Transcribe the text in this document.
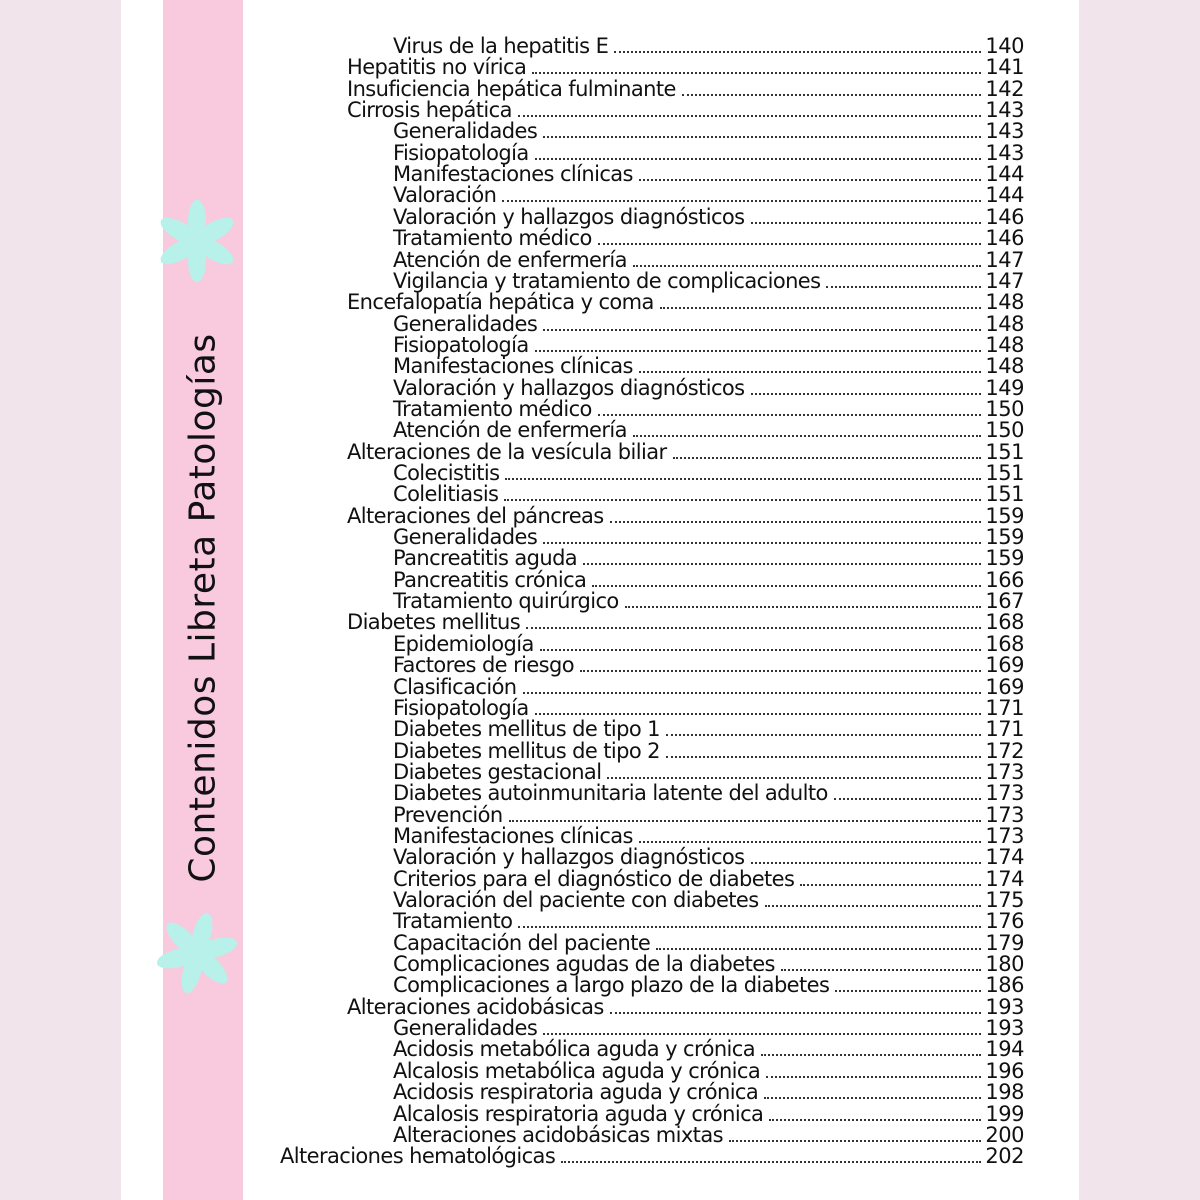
Contenidos Libreta Patologías
Virus de la hepatitis E	140
Hepatitis no vírica	141
Insuficiencia hepática fulminante	142
Cirrosis hepática	143
Generalidades	143
Fisiopatología	143
Manifestaciones clínicas	144
Valoración	144
Valoración y hallazgos diagnósticos	146
Tratamiento médico	146
Atención de enfermería	147
Vigilancia y tratamiento de complicaciones	147
Encefalopatía hepática y coma	148
Generalidades	148
Fisiopatología	148
Manifestaciones clínicas	148
Valoración y hallazgos diagnósticos	149
Tratamiento médico	150
Atención de enfermería	150
Alteraciones de la vesícula biliar	151
Colecistitis	151
Colelitiasis	151
Alteraciones del páncreas	159
Generalidades	159
Pancreatitis aguda	159
Pancreatitis crónica	166
Tratamiento quirúrgico	167
Diabetes mellitus	168
Epidemiología	168
Factores de riesgo	169
Clasificación	169
Fisiopatología	171
Diabetes mellitus de tipo 1	171
Diabetes mellitus de tipo 2	172
Diabetes gestacional	173
Diabetes autoinmunitaria latente del adulto	173
Prevención	173
Manifestaciones clínicas	173
Valoración y hallazgos diagnósticos	174
Criterios para el diagnóstico de diabetes	174
Valoración del paciente con diabetes	175
Tratamiento	176
Capacitación del paciente	179
Complicaciones agudas de la diabetes	180
Complicaciones a largo plazo de la diabetes	186
Alteraciones acidobásicas	193
Generalidades	193
Acidosis metabólica aguda y crónica	194
Alcalosis metabólica aguda y crónica	196
Acidosis respiratoria aguda y crónica	198
Alcalosis respiratoria aguda y crónica	199
Alteraciones acidobásicas mixtas	200
Alteraciones hematológicas	202
